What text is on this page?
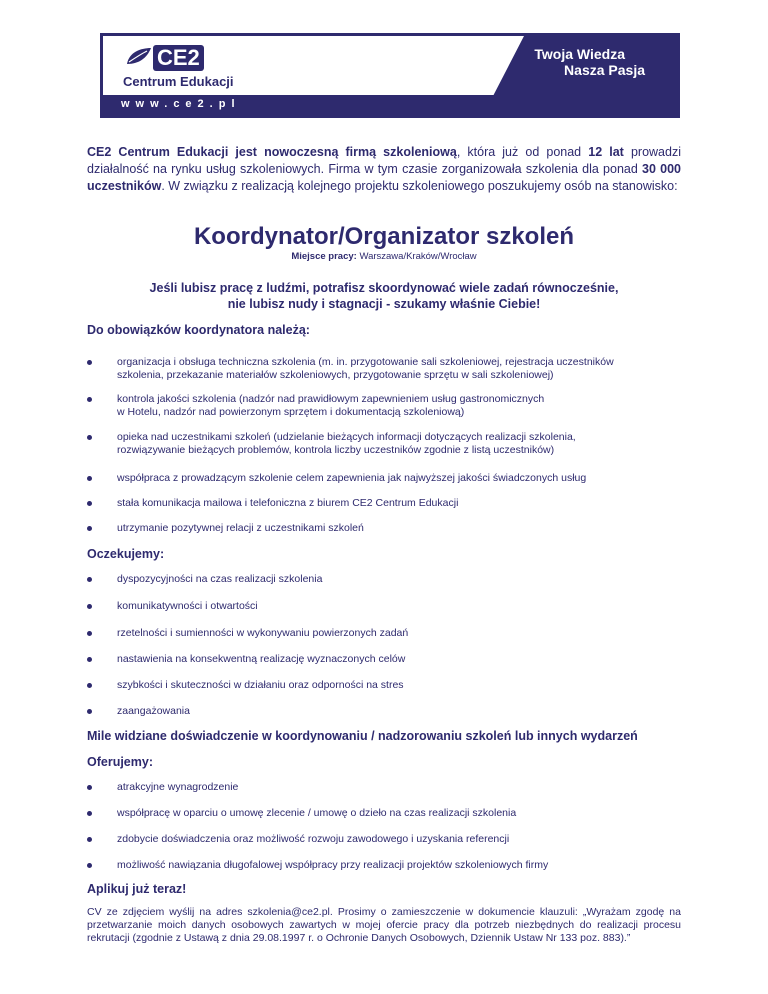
Twoja Wiedza
Nasza Pasja
CE2
Centrum Edukacji
www.ce2.pl
CE2 Centrum Edukacji jest nowoczesną firmą szkoleniową, która już od ponad 12 lat prowadzi działalność na rynku usług szkoleniowych. Firma w tym czasie zorganizowała szkolenia dla ponad 30 000 uczestników. W związku z realizacją kolejnego projektu szkoleniowego poszukujemy osób na stanowisko:
Koordynator/Organizator szkoleń
Miejsce pracy: Warszawa/Kraków/Wrocław
Jeśli lubisz pracę z ludźmi, potrafisz skoordynować wiele zadań równocześnie,
nie lubisz nudy i stagnacji - szukamy właśnie Ciebie!
Do obowiązków koordynatora należą:
organizacja i obsługa techniczna szkolenia (m. in. przygotowanie sali szkoleniowej, rejestracja uczestników
szkolenia, przekazanie materiałów szkoleniowych, przygotowanie sprzętu w sali szkoleniowej)
kontrola jakości szkolenia (nadzór nad prawidłowym zapewnieniem usług gastronomicznych
w Hotelu, nadzór nad powierzonym sprzętem i dokumentacją szkoleniową)
opieka nad uczestnikami szkoleń (udzielanie bieżących informacji dotyczących realizacji szkolenia,
rozwiązywanie bieżących problemów, kontrola liczby uczestników zgodnie z listą uczestników)
współpraca z prowadzącym szkolenie celem zapewnienia jak najwyższej jakości świadczonych usług
stała komunikacja mailowa i telefoniczna z biurem CE2 Centrum Edukacji
utrzymanie pozytywnej relacji z uczestnikami szkoleń
Oczekujemy:
dyspozycyjności na czas realizacji szkolenia
komunikatywności i otwartości
rzetelności i sumienności w wykonywaniu powierzonych zadań
nastawienia na konsekwentną realizację wyznaczonych celów
szybkości i skuteczności w działaniu oraz odporności na stres
zaangażowania
Mile widziane doświadczenie w koordynowaniu / nadzorowaniu szkoleń lub innych wydarzeń
Oferujemy:
atrakcyjne wynagrodzenie
współpracę w oparciu o umowę zlecenie / umowę o dzieło na czas realizacji szkolenia
zdobycie doświadczenia oraz możliwość rozwoju zawodowego i uzyskania referencji
możliwość nawiązania długofalowej współpracy przy realizacji projektów szkoleniowych firmy
Aplikuj już teraz!
CV ze zdjęciem wyślij na adres szkolenia@ce2.pl. Prosimy o zamieszczenie w dokumencie klauzuli: „Wyrażam zgodę na przetwarzanie moich danych osobowych zawartych w mojej ofercie pracy dla potrzeb niezbędnych do realizacji procesu rekrutacji (zgodnie z Ustawą z dnia 29.08.1997 r. o Ochronie Danych Osobowych, Dziennik Ustaw Nr 133 poz. 883).”
